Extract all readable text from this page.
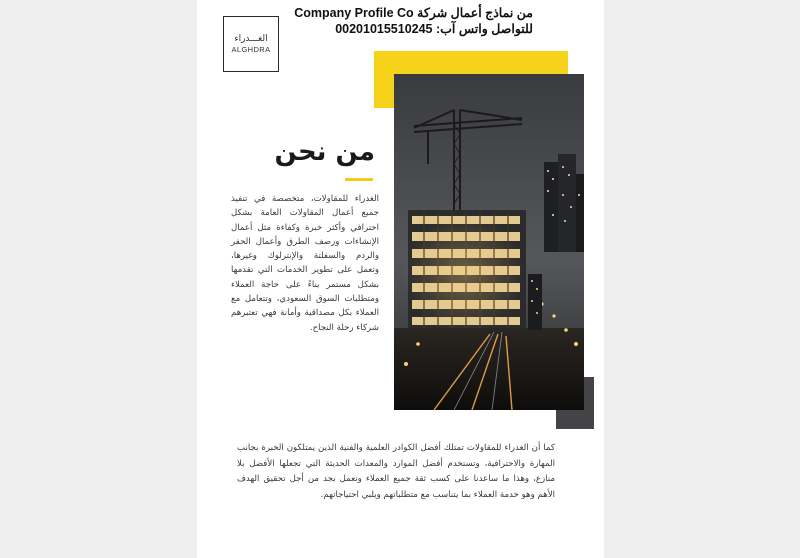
من نماذج أعمال شركة Company Profile Co
للتواصل واتس آب: 00201015510245
الغـــدراء
ALGHDRA
من نحن
الغدراء للمقاولات، متخصصة في تنفيذ جميع أعمال المقاولات العامة بشكل احترافي وأكثر خبرة وكفاءة مثل أعمال الإنشاءات ورصف الطرق وأعمال الحفر والردم والسفلتة والإنترلوك وغيرها، وتعمل على تطوير الخدمات التي تقدمها بشكل مستمر بناءً على حاجة العملاء ومتطلبات السوق السعودي، وتتعامل مع العملاء بكل مصداقية وأمانة فهي تعتبرهم شركاء رحلة النجاح.
كما أن الغدراء للمقاولات تمتلك أفضل الكوادر العلمية والفنية الذين يمتلكون الخبرة بجانب المهارة والاحترافية، وتستخدم أفضل الموارد والمعدات الحديثة التي تجعلها الأفضل بلا منازع، وهذا ما ساعدنا على كسب ثقة جميع العملاء ونعمل بجد من أجل تحقيق الهدف الأهم وهو خدمة العملاء بما يتناسب مع متطلباتهم ويلبي احتياجاتهم.
